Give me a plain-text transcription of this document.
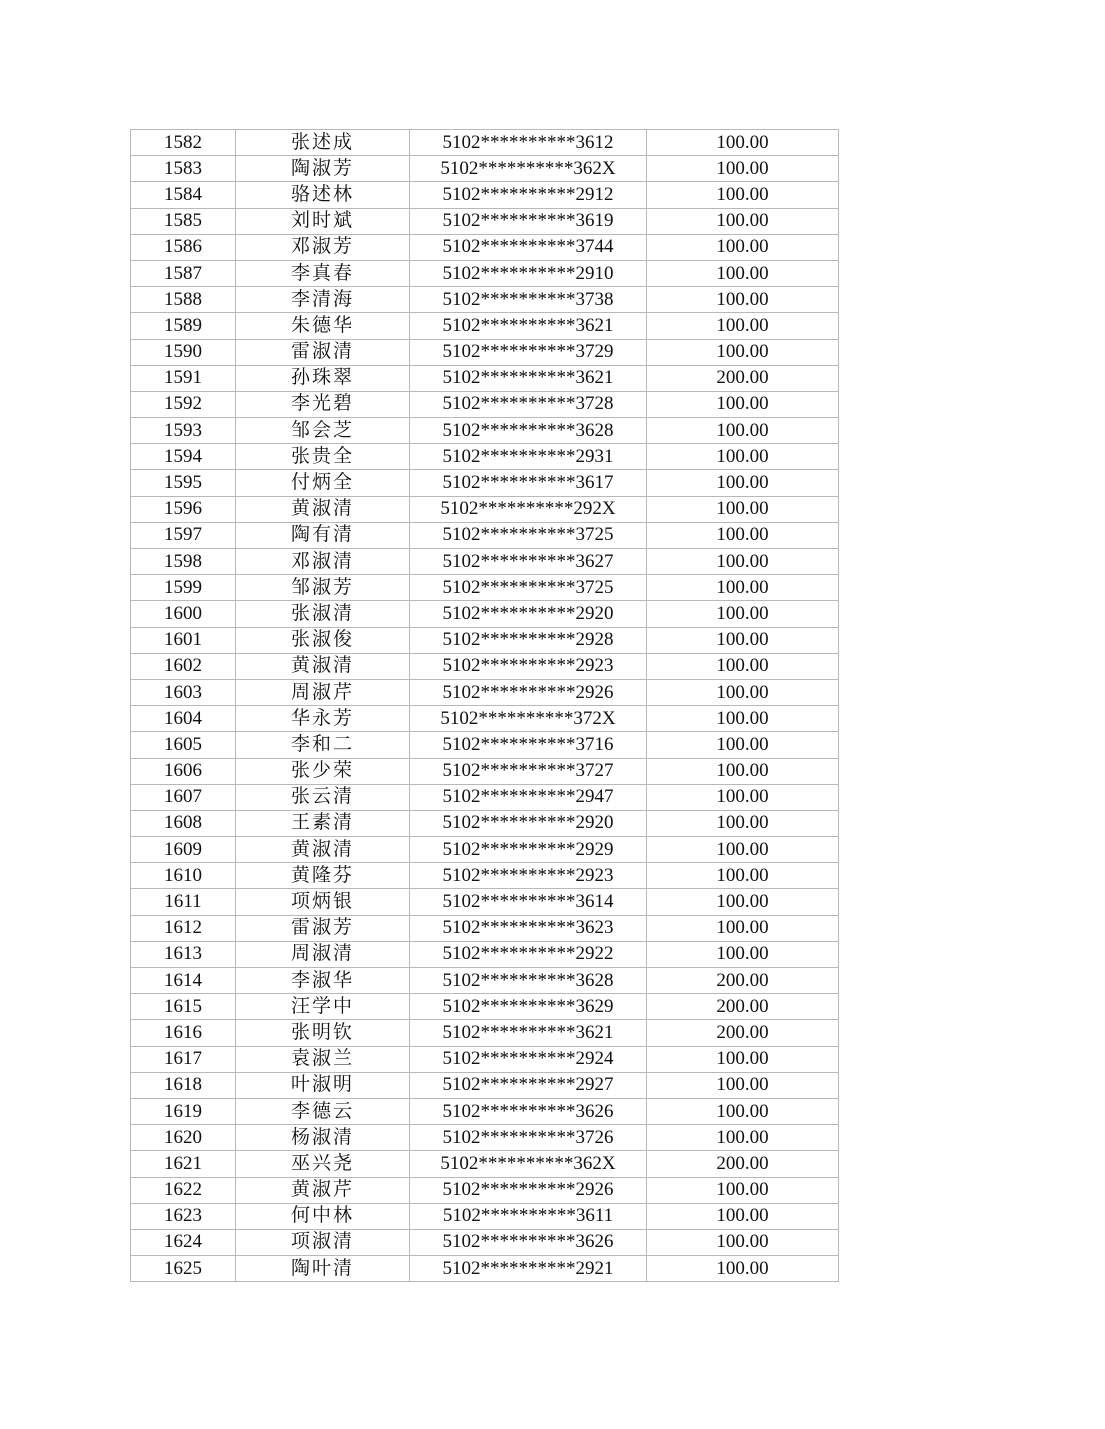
1582	张述成	5102**********3612	100.00
1583	陶淑芳	5102**********362X	100.00
1584	骆述林	5102**********2912	100.00
1585	刘时斌	5102**********3619	100.00
1586	邓淑芳	5102**********3744	100.00
1587	李真春	5102**********2910	100.00
1588	李清海	5102**********3738	100.00
1589	朱德华	5102**********3621	100.00
1590	雷淑清	5102**********3729	100.00
1591	孙珠翠	5102**********3621	200.00
1592	李光碧	5102**********3728	100.00
1593	邹会芝	5102**********3628	100.00
1594	张贵全	5102**********2931	100.00
1595	付炳全	5102**********3617	100.00
1596	黄淑清	5102**********292X	100.00
1597	陶有清	5102**********3725	100.00
1598	邓淑清	5102**********3627	100.00
1599	邹淑芳	5102**********3725	100.00
1600	张淑清	5102**********2920	100.00
1601	张淑俊	5102**********2928	100.00
1602	黄淑清	5102**********2923	100.00
1603	周淑芹	5102**********2926	100.00
1604	华永芳	5102**********372X	100.00
1605	李和二	5102**********3716	100.00
1606	张少荣	5102**********3727	100.00
1607	张云清	5102**********2947	100.00
1608	王素清	5102**********2920	100.00
1609	黄淑清	5102**********2929	100.00
1610	黄隆芬	5102**********2923	100.00
1611	项炳银	5102**********3614	100.00
1612	雷淑芳	5102**********3623	100.00
1613	周淑清	5102**********2922	100.00
1614	李淑华	5102**********3628	200.00
1615	汪学中	5102**********3629	200.00
1616	张明钦	5102**********3621	200.00
1617	袁淑兰	5102**********2924	100.00
1618	叶淑明	5102**********2927	100.00
1619	李德云	5102**********3626	100.00
1620	杨淑清	5102**********3726	100.00
1621	巫兴尧	5102**********362X	200.00
1622	黄淑芹	5102**********2926	100.00
1623	何中林	5102**********3611	100.00
1624	项淑清	5102**********3626	100.00
1625	陶叶清	5102**********2921	100.00
